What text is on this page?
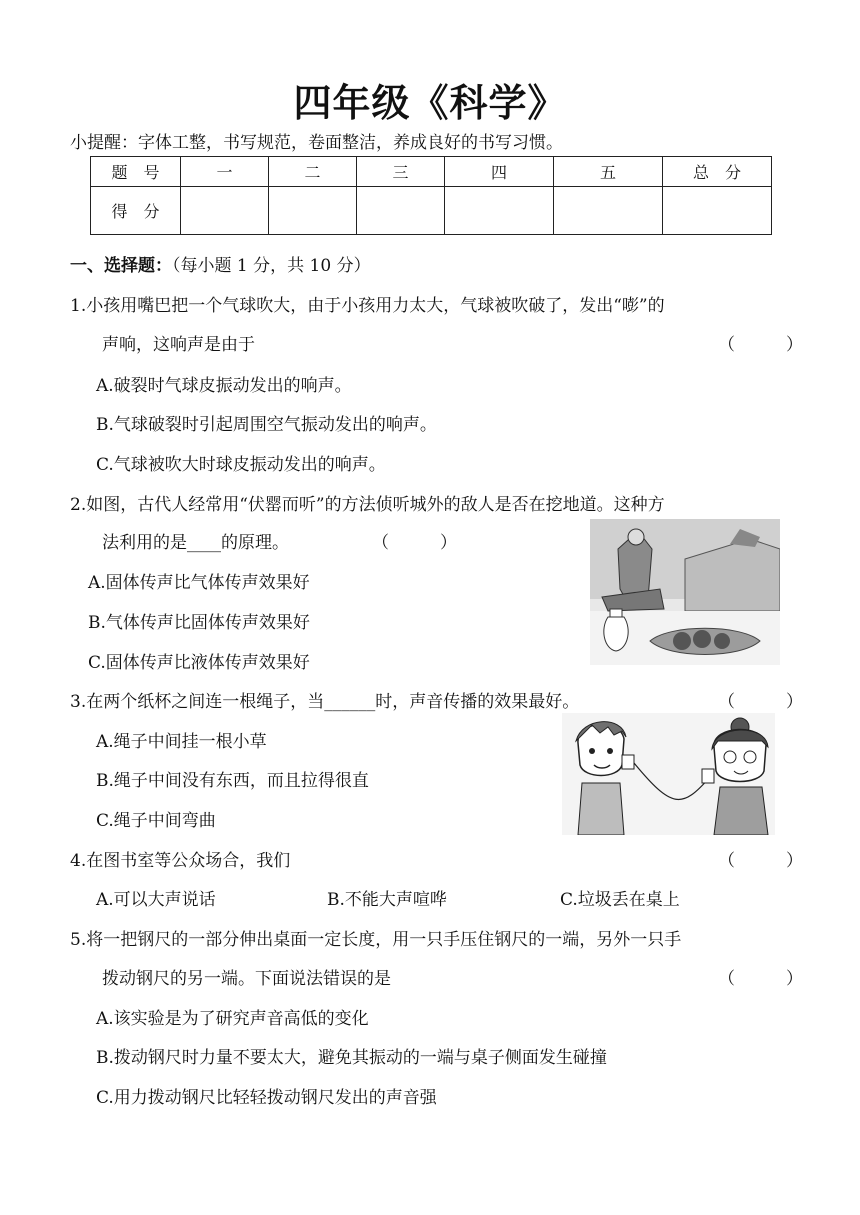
四年级《科学》
小提醒：字体工整，书写规范，卷面整洁，养成良好的书写习惯。
题　号	一	二	三	四	五	总　分
得　分						
一、选择题：（每小题 1 分，共 10 分）
1.小孩用嘴巴把一个气球吹大，由于小孩用力太大，气球被吹破了，发出“嘭”的
声响，这响声是由于	（　　　）
A.破裂时气球皮振动发出的响声。
B.气球破裂时引起周围空气振动发出的响声。
C.气球被吹大时球皮振动发出的响声。
2.如图，古代人经常用“伏罂而听”的方法侦听城外的敌人是否在挖地道。这种方
法利用的是____的原理。	（　　　）
A.固体传声比气体传声效果好
B.气体传声比固体传声效果好
C.固体传声比液体传声效果好
3.在两个纸杯之间连一根绳子，当______时，声音传播的效果最好。	（　　　）
A.绳子中间挂一根小草
B.绳子中间没有东西，而且拉得很直
C.绳子中间弯曲
4.在图书室等公众场合，我们	（　　　）
A.可以大声说话	B.不能大声喧哗	C.垃圾丢在桌上
5.将一把钢尺的一部分伸出桌面一定长度，用一只手压住钢尺的一端，另外一只手
拨动钢尺的另一端。下面说法错误的是	（　　　）
A.该实验是为了研究声音高低的变化
B.拨动钢尺时力量不要太大，避免其振动的一端与桌子侧面发生碰撞
C.用力拨动钢尺比轻轻拨动钢尺发出的声音强
